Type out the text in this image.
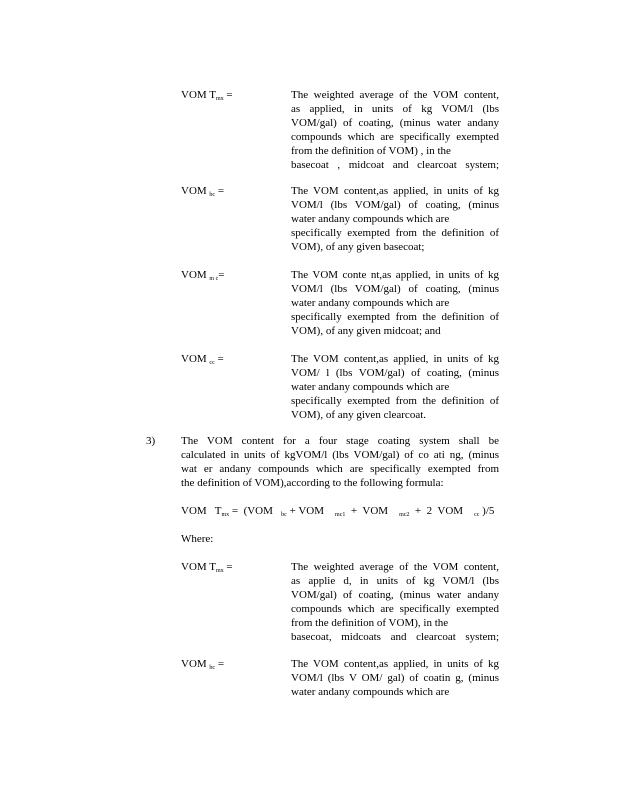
VOM $T_{mx}$ =	The weighted average of the VOM content,
as applied, in units of kg VOM/l (lbs
VOM/gal) of coating, (minus water andany
compounds which are specifically exempted
from the definition of VOM) , in the
basecoat , midcoat and clearcoat system;
VOM $_{bc}$ =	The VOM content,as applied, in units of kg
VOM/l (lbs VOM/gal) of coating, (minus
water andany compounds which are
specifically exempted from the definition of
VOM), of any given basecoat;
VOM $_{m c}$=	The VOM conte nt,as applied, in units of kg
VOM/l (lbs VOM/gal) of coating, (minus
water andany compounds which are
specifically exempted from the definition of
VOM), of any given midcoat; and
VOM $_{cc}$ =	The VOM content,as applied, in units of kg
VOM/ l (lbs VOM/gal) of coating, (minus
water andany compounds which are
specifically exempted from the definition of
VOM), of any given clearcoat.
3) The VOM content for a four stage coating system shall be
calculated in units of kgVOM/l (lbs VOM/gal) of co ati ng, (minus
wat er andany compounds which are specifically exempted from
the definition of VOM),according to the following formula:
VOM   $T_{mx} = (VOM$   $_{bc}$ + VOM    $_{mc1}$  +  VOM    $_{mc2}$  +  2  VOM    $_{cc}$ )/5
Where:
VOM $T_{mx}$ =	The weighted average of the VOM content,
as applie d, in units of kg VOM/l (lbs
VOM/gal) of coating, (minus water andany
compounds which are specifically exempted
from the definition of VOM), in the
basecoat, midcoats and clearcoat system;
VOM $_{bc}$ =	The VOM content,as applied, in units of kg
VOM/l (lbs V OM/ gal) of coatin g, (minus
water andany compounds which are
